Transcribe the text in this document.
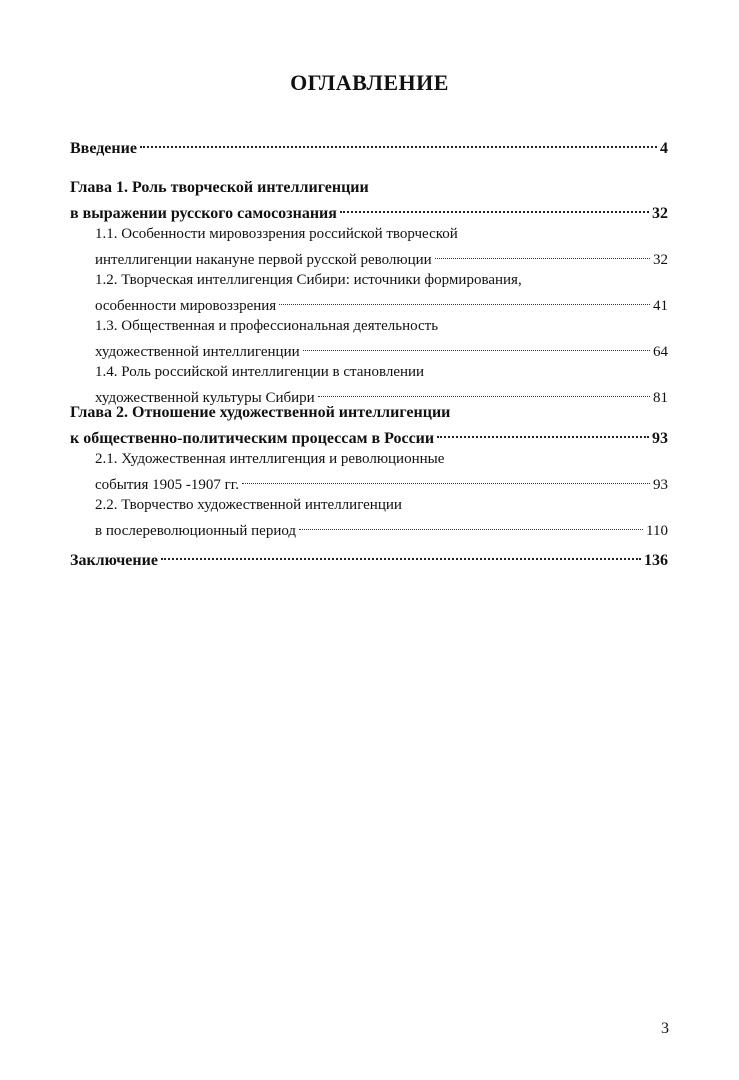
ОГЛАВЛЕНИЕ
Введение	4
Глава 1. Роль творческой интеллигенции
в выражении русского самосознания	32
1.1. Особенности мировоззрения российской творческой
интеллигенции накануне первой русской революции	32
1.2. Творческая интеллигенция Сибири: источники формирования,
особенности мировоззрения	41
1.3. Общественная и профессиональная деятельность
художественной интеллигенции	64
1.4. Роль российской интеллигенции в становлении
художественной культуры Сибири	81
Глава 2. Отношение художественной интеллигенции
к общественно-политическим процессам в России	93
2.1. Художественная интеллигенция и революционные
события 1905 -1907 гг.	93
2.2. Творчество художественной интеллигенции
в послереволюционный период	110
Заключение	136
3
